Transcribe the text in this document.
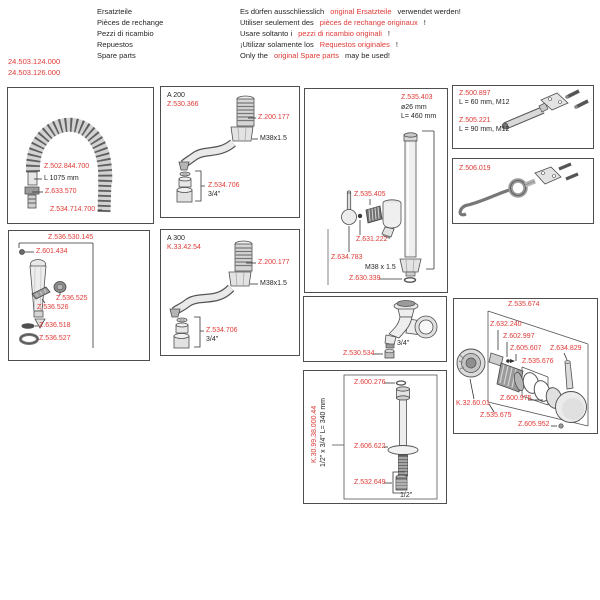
Ersatzteile
Pièces de rechange
Pezzi di ricambio
Repuestos
Spare parts
Es dürfen ausschliesslich original Ersatzteile verwendet werden!
Utiliser seulement des pièces de rechange originaux !
Usare soltanto i pezzi di ricambio originali !
¡Utilizar solamente los Requestos originales !
Only the original Spare parts may be used!
24.503.124.000
24.503.126.000
Z.502.844.700
L 1075 mm
Z.633.570
Z.534.714.700
A 200
Z.530.366
Z.200.177
M38x1.5
Z.534.706
3/4"
A 300
K.33.42.54
Z.200.177
M38x1.5
Z.534.706
3/4"
Z.536.530.145
Z.601.434
Z.536.525
Z.536.526
Z.636.518
Z.536.527
Z.535.403
ø26 mm
L= 460 mm
Z.535.405
Z.631.222
Z.634.783
M38 x 1.5
Z.630.339
3/4"
Z.530.534
Z.500.897
L = 60 mm, M12
Z.505.221
L = 90 mm, M12
Z.506.019
Z.535.674
Z.632.240
Z.602.997
Z.605.607 Z.634.829
Z.535.676
Z.600.975
K.32.60.01
Z.535.675
Z.605.952
K.30.99.38.000.44 1/2" x 3/4" L= 340 mm
Z.600.276
Z.606.622
Z.532.649
1/2"
